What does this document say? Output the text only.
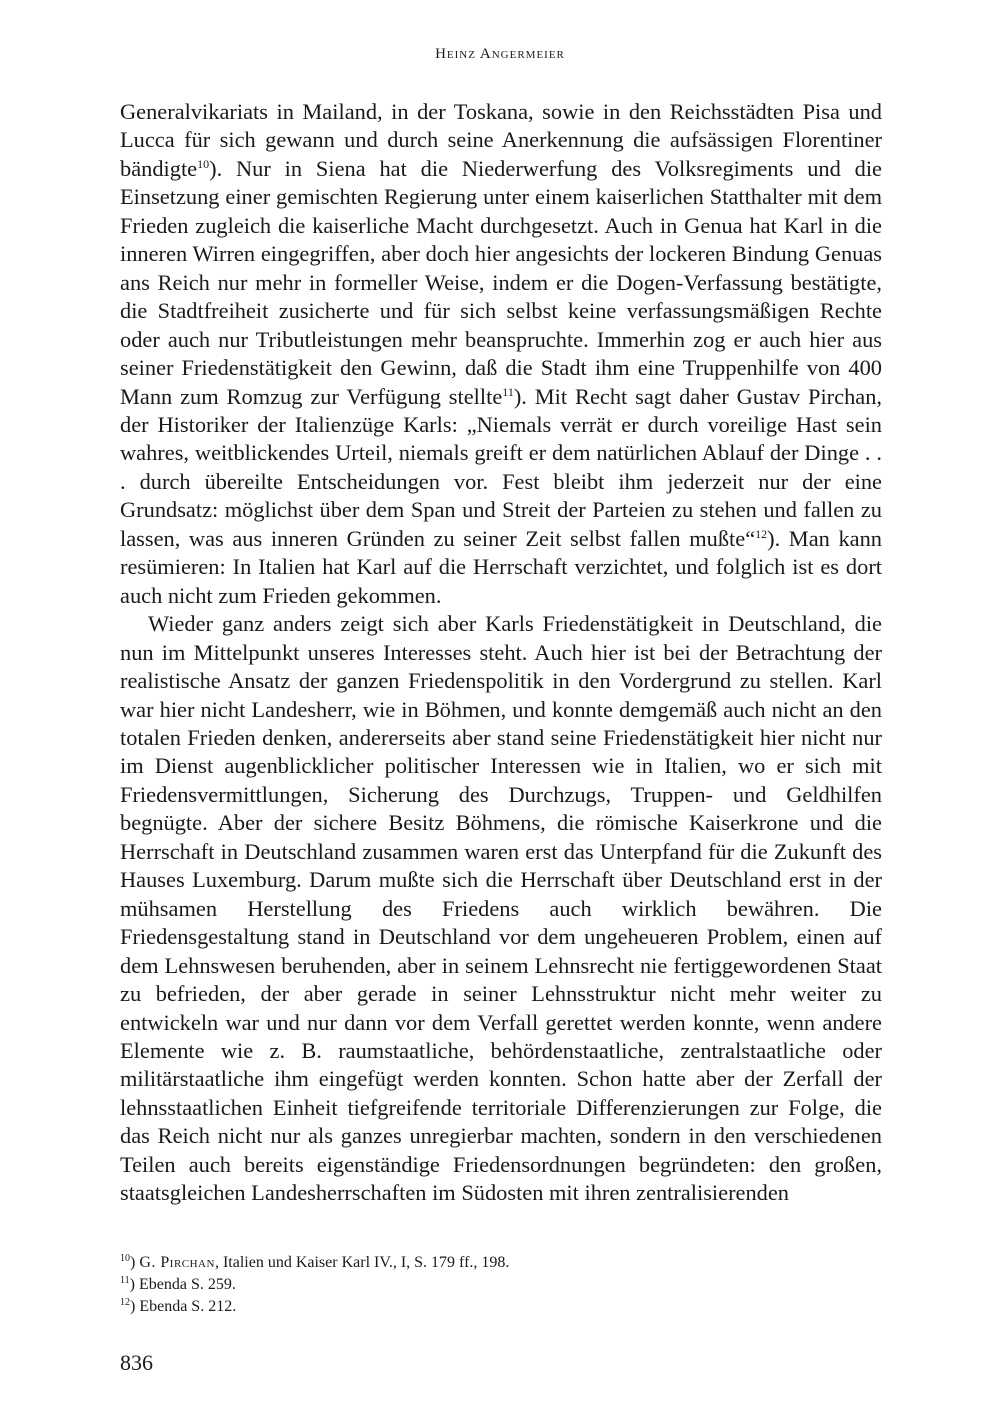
Heinz Angermeier

Generalvikariats in Mailand, in der Toskana, sowie in den Reichsstädten Pisa und Lucca für sich gewann und durch seine Anerkennung die aufsässigen Florentiner bändigte$^{10}$). Nur in Siena hat die Niederwerfung des Volksregiments und die Einsetzung einer gemischten Regierung unter einem kaiserlichen Statthalter mit dem Frieden zugleich die kaiserliche Macht durchgesetzt. Auch in Genua hat Karl in die inneren Wirren eingegriffen, aber doch hier angesichts der lockeren Bindung Genuas ans Reich nur mehr in formeller Weise, indem er die Dogen-Verfassung bestätigte, die Stadtfreiheit zusicherte und für sich selbst keine verfassungsmäßigen Rechte oder auch nur Tributleistungen mehr beanspruchte. Immerhin zog er auch hier aus seiner Friedenstätigkeit den Gewinn, daß die Stadt ihm eine Truppenhilfe von 400 Mann zum Romzug zur Verfügung stellte$^{11}$). Mit Recht sagt daher Gustav Pirchan, der Historiker der Italienzüge Karls: „Niemals verrät er durch voreilige Hast sein wahres, weitblickendes Urteil, niemals greift er dem natürlichen Ablauf der Dinge . . . durch übereilte Entscheidungen vor. Fest bleibt ihm jederzeit nur der eine Grundsatz: möglichst über dem Span und Streit der Parteien zu stehen und fallen zu lassen, was aus inneren Gründen zu seiner Zeit selbst fallen mußte“$^{12}$). Man kann resümieren: In Italien hat Karl auf die Herrschaft verzichtet, und folglich ist es dort auch nicht zum Frieden gekommen.

Wieder ganz anders zeigt sich aber Karls Friedenstätigkeit in Deutschland, die nun im Mittelpunkt unseres Interesses steht. Auch hier ist bei der Betrachtung der realistische Ansatz der ganzen Friedenspolitik in den Vordergrund zu stellen. Karl war hier nicht Landesherr, wie in Böhmen, und konnte demgemäß auch nicht an den totalen Frieden denken, andererseits aber stand seine Friedenstätigkeit hier nicht nur im Dienst augenblicklicher politischer Interessen wie in Italien, wo er sich mit Friedensvermittlungen, Sicherung des Durchzugs, Truppen- und Geldhilfen begnügte. Aber der sichere Besitz Böhmens, die römische Kaiserkrone und die Herrschaft in Deutschland zusammen waren erst das Unterpfand für die Zukunft des Hauses Luxemburg. Darum mußte sich die Herrschaft über Deutschland erst in der mühsamen Herstellung des Friedens auch wirklich bewähren. Die Friedensgestaltung stand in Deutschland vor dem ungeheueren Problem, einen auf dem Lehnswesen beruhenden, aber in seinem Lehnsrecht nie fertiggewordenen Staat zu befrieden, der aber gerade in seiner Lehnsstruktur nicht mehr weiter zu entwickeln war und nur dann vor dem Verfall gerettet werden konnte, wenn andere Elemente wie z. B. raumstaatliche, behördenstaatliche, zentralstaatliche oder militärstaatliche ihm eingefügt werden konnten. Schon hatte aber der Zerfall der lehnsstaatlichen Einheit tiefgreifende territoriale Differenzierungen zur Folge, die das Reich nicht nur als ganzes unregierbar machten, sondern in den verschiedenen Teilen auch bereits eigenständige Friedensordnungen begründeten: den großen, staatsgleichen Landesherrschaften im Südosten mit ihren zentralisierenden

$^{10}$) G. Pirchan, Italien und Kaiser Karl IV., I, S. 179 ff., 198.

$^{11}$) Ebenda S. 259.

$^{12}$) Ebenda S. 212.

836
